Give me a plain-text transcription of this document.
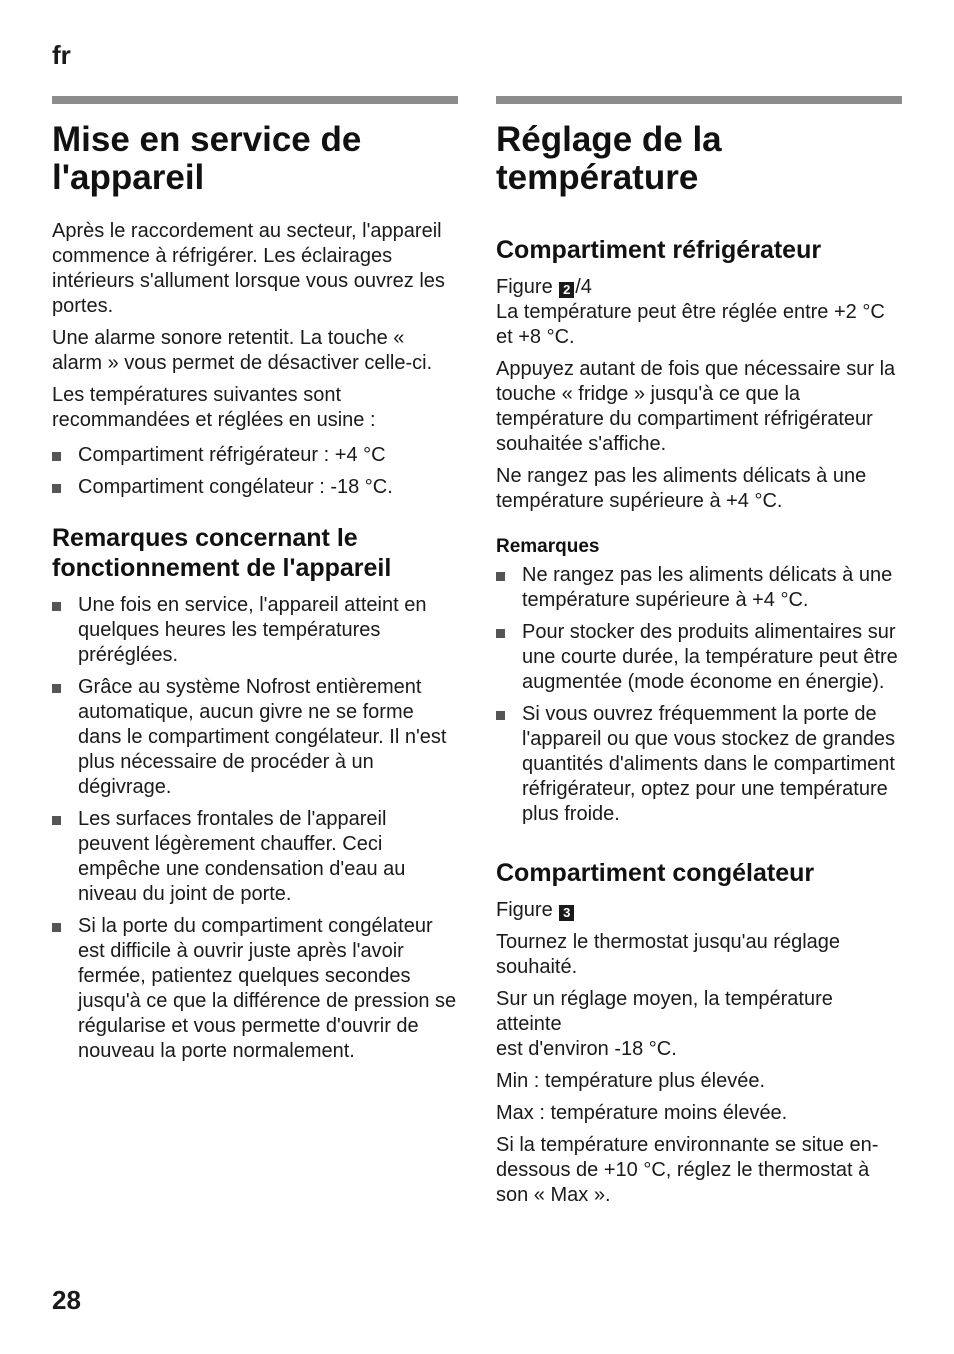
fr
Mise en service de l'appareil

Après le raccordement au secteur, l'appareil commence à réfrigérer. Les éclairages intérieurs s'allument lorsque vous ouvrez les portes.

Une alarme sonore retentit. La touche « alarm » vous permet de désactiver celle-ci.

Les températures suivantes sont recommandées et réglées en usine :

Compartiment réfrigérateur : +4 °C
Compartiment congélateur : -18 °C.
Remarques concernant le fonctionnement de l'appareil
Une fois en service, l'appareil atteint en quelques heures les températures préréglées.
Grâce au système Nofrost entièrement automatique, aucun givre ne se forme dans le compartiment congélateur. Il n'est plus nécessaire de procéder à un dégivrage.
Les surfaces frontales de l'appareil peuvent légèrement chauffer. Ceci empêche une condensation d'eau au niveau du joint de porte.
Si la porte du compartiment congélateur est difficile à ouvrir juste après l'avoir fermée, patientez quelques secondes jusqu'à ce que la différence de pression se régularise et vous permette d'ouvrir de nouveau la porte normalement.
Réglage de la température
Compartiment réfrigérateur

Figure 2 /4

La température peut être réglée entre +2 °C et +8 °C.

Appuyez autant de fois que nécessaire sur la touche « fridge » jusqu'à ce que la température du compartiment réfrigérateur souhaitée s'affiche.

Ne rangez pas les aliments délicats à une température supérieure à +4 °C.

Remarques
Ne rangez pas les aliments délicats à une température supérieure à +4 °C.
Pour stocker des produits alimentaires sur une courte durée, la température peut être augmentée (mode économe en énergie).
Si vous ouvrez fréquemment la porte de l'appareil ou que vous stockez de grandes quantités d'aliments dans le compartiment réfrigérateur, optez pour une température plus froide.
Compartiment congélateur

Figure 3

Tournez le thermostat jusqu'au réglage souhaité.

Sur un réglage moyen, la température atteinte

est d'environ -18 °C.

Min : température plus élevée.

Max : température moins élevée.

Si la température environnante se situe en-dessous de +10 °C, réglez le thermostat à son « Max ».

28
